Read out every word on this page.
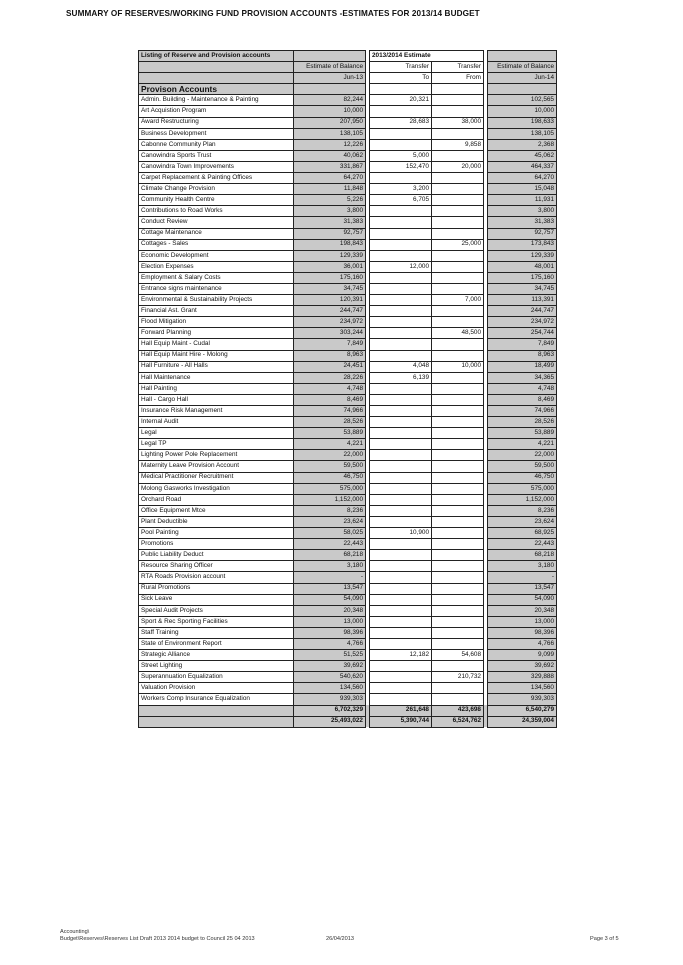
SUMMARY OF RESERVES/WORKING FUND PROVISION ACCOUNTS -ESTIMATES FOR 2013/14 BUDGET
Listing of Reserve and Provision accounts			2013/2014 Estimate			
	Estimate of Balance		Transfer	Transfer		Estimate of Balance
	Jun-13		To	From		Jun-14
Provison Accounts						
Admin. Building - Maintenance & Painting	82,244		20,321			102,565
Art Acquistion Program	10,000					10,000
Award Restructuring	207,950		28,683	38,000		198,633
Business Development	138,105					138,105
Cabonne Community Plan	12,226			9,858		2,368
Canowindra Sports Trust	40,062		5,000			45,062
Canowindra Town Improvements	331,867		152,470	20,000		464,337
Carpet Replacement & Painting Offices	64,270					64,270
Climate Change Provision	11,848		3,200			15,048
Community Health Centre	5,226		6,705			11,931
Contributions to Road Works	3,800					3,800
Conduct Review	31,383					31,383
Cottage Maintenance	92,757					92,757
Cottages - Sales	198,843			25,000		173,843
Economic Development	129,339					129,339
Election Expenses	36,001		12,000			48,001
Employment & Salary Costs	175,160					175,160
Entrance signs maintenance	34,745					34,745
Environmental & Sustainability Projects	120,391			7,000		113,391
Financial Ast. Grant	244,747					244,747
Flood Mitigation	234,972					234,972
Forward Planning	303,244			48,500		254,744
Hall Equip Maint - Cudal	7,849					7,849
Hall Equip Maint Hire - Molong	8,963					8,963
Hall Furniture - All Halls	24,451		4,048	10,000		18,499
Hall Maintenance	28,226		6,139			34,365
Hall Painting	4,748					4,748
Hall - Cargo Hall	8,469					8,469
Insurance Risk Management	74,966					74,966
Internal Audit	28,526					28,526
Legal	53,889					53,889
Legal TP	4,221					4,221
Lighting Power Pole Replacement	22,000					22,000
Maternity Leave Provision Account	59,500					59,500
Medical Practitioner Recruitment	46,750					46,750
Molong Gasworks Investigation	575,000					575,000
Orchard Road	1,152,000					1,152,000
Office Equipment Mtce	8,236					8,236
Plant Deductible	23,624					23,624
Pool Painting	58,025		10,900			68,925
Promotions	22,443					22,443
Public Liability Deduct	68,218					68,218
Resource Sharing Officer	3,180					3,180
RTA Roads Provision account	-					-
Rural Promotions	13,547					13,547
Sick Leave	54,090					54,090
Special Audit Projects	20,348					20,348
Sport & Rec Sporting Facilities	13,000					13,000
Staff Training	98,396					98,396
State of Environment Report	4,766					4,766
Strategic Alliance	51,525		12,182	54,608		9,099
Street Lighting	39,692					39,692
Superannuation Equalization	540,620			210,732		329,888
Valuation Provision	134,560					134,560
Workers Comp Insurance Equalization	939,303					939,303
	6,702,329		261,648	423,698		6,540,279
	25,493,022		5,390,744	6,524,762		24,359,004
Accounting\
Budget\Reserves\Reserves List Draft 2013 2014 budget to Council 25 04 2013	26/04/2013	Page 3 of 5
